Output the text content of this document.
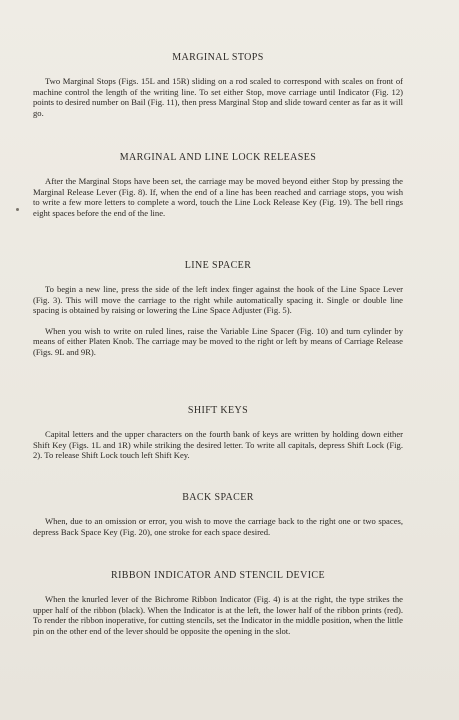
MARGINAL STOPS

Two Marginal Stops (Figs. 15L and 15R) sliding on a rod scaled to correspond with scales on front of machine control the length of the writing line. To set either Stop, move carriage until Indicator (Fig. 12) points to desired number on Bail (Fig. 11), then press Marginal Stop and slide toward center as far as it will go.

MARGINAL AND LINE LOCK RELEASES

After the Marginal Stops have been set, the carriage may be moved beyond either Stop by pressing the Marginal Release Lever (Fig. 8). If, when the end of a line has been reached and carriage stops, you wish to write a few more letters to complete a word, touch the Line Lock Release Key (Fig. 19). The bell rings eight spaces before the end of the line.

LINE SPACER

To begin a new line, press the side of the left index finger against the hook of the Line Space Lever (Fig. 3). This will move the carriage to the right while automatically spacing it. Single or double line spacing is obtained by raising or lowering the Line Space Adjuster (Fig. 5).

When you wish to write on ruled lines, raise the Variable Line Spacer (Fig. 10) and turn cylinder by means of either Platen Knob. The carriage may be moved to the right or left by means of Carriage Release (Figs. 9L and 9R).

SHIFT KEYS

Capital letters and the upper characters on the fourth bank of keys are written by holding down either Shift Key (Figs. 1L and 1R) while striking the desired letter. To write all capitals, depress Shift Lock (Fig. 2). To release Shift Lock touch left Shift Key.

BACK SPACER

When, due to an omission or error, you wish to move the carriage back to the right one or two spaces, depress Back Space Key (Fig. 20), one stroke for each space desired.

RIBBON INDICATOR AND STENCIL DEVICE

When the knurled lever of the Bichrome Ribbon Indicator (Fig. 4) is at the right, the type strikes the upper half of the ribbon (black). When the Indicator is at the left, the lower half of the ribbon prints (red). To render the ribbon inoperative, for cutting stencils, set the Indicator in the middle position, when the little pin on the other end of the lever should be opposite the opening in the slot.
